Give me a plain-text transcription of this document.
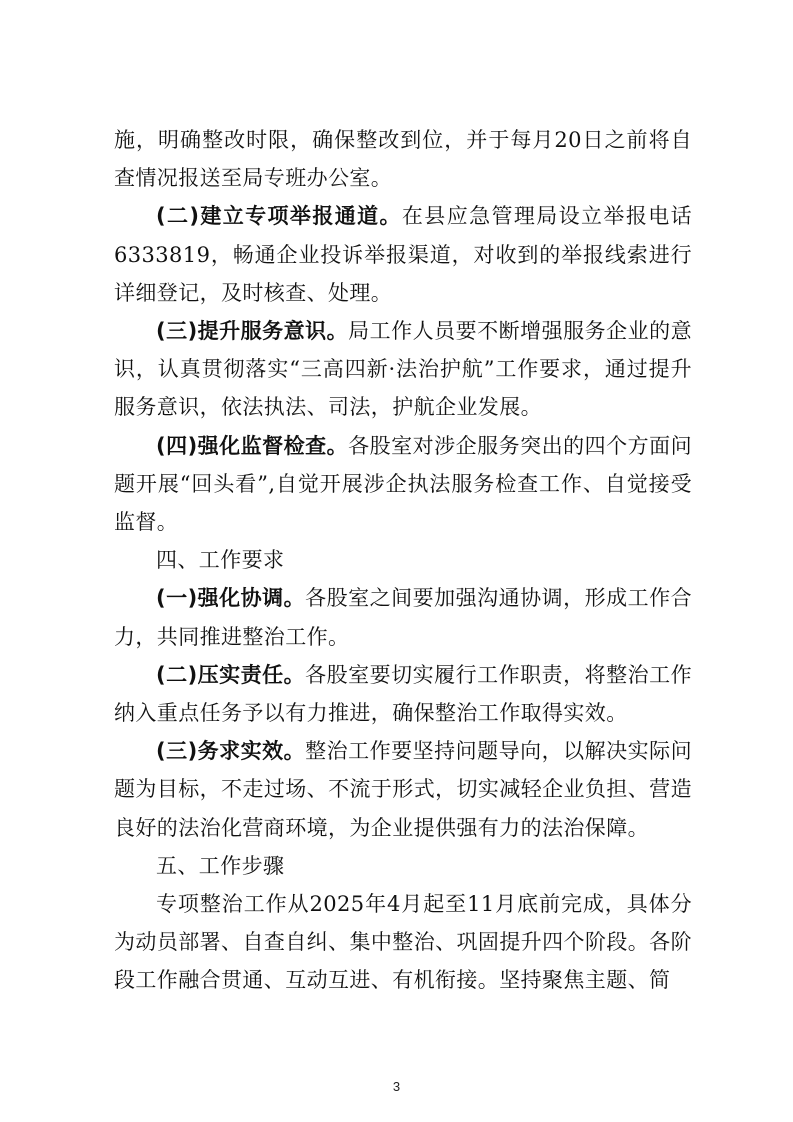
施，明确整改时限，确保整改到位，并于每月20日之前将自查情况报送至局专班办公室。

(二)建立专项举报通道。在县应急管理局设立举报电话6333819，畅通企业投诉举报渠道，对收到的举报线索进行详细登记，及时核查、处理。

(三)提升服务意识。局工作人员要不断增强服务企业的意识，认真贯彻落实“三高四新·法治护航”工作要求，通过提升服务意识，依法执法、司法，护航企业发展。

(四)强化监督检查。各股室对涉企服务突出的四个方面问题开展“回头看”,自觉开展涉企执法服务检查工作、自觉接受监督。

四、工作要求

(一)强化协调。各股室之间要加强沟通协调，形成工作合力，共同推进整治工作。

(二)压实责任。各股室要切实履行工作职责，将整治工作纳入重点任务予以有力推进，确保整治工作取得实效。

(三)务求实效。整治工作要坚持问题导向，以解决实际问题为目标，不走过场、不流于形式，切实减轻企业负担、营造良好的法治化营商环境，为企业提供强有力的法治保障。

五、工作步骤

专项整治工作从2025年4月起至11月底前完成，具体分为动员部署、自查自纠、集中整治、巩固提升四个阶段。各阶段工作融合贯通、互动互进、有机衔接。坚持聚焦主题、简

3
